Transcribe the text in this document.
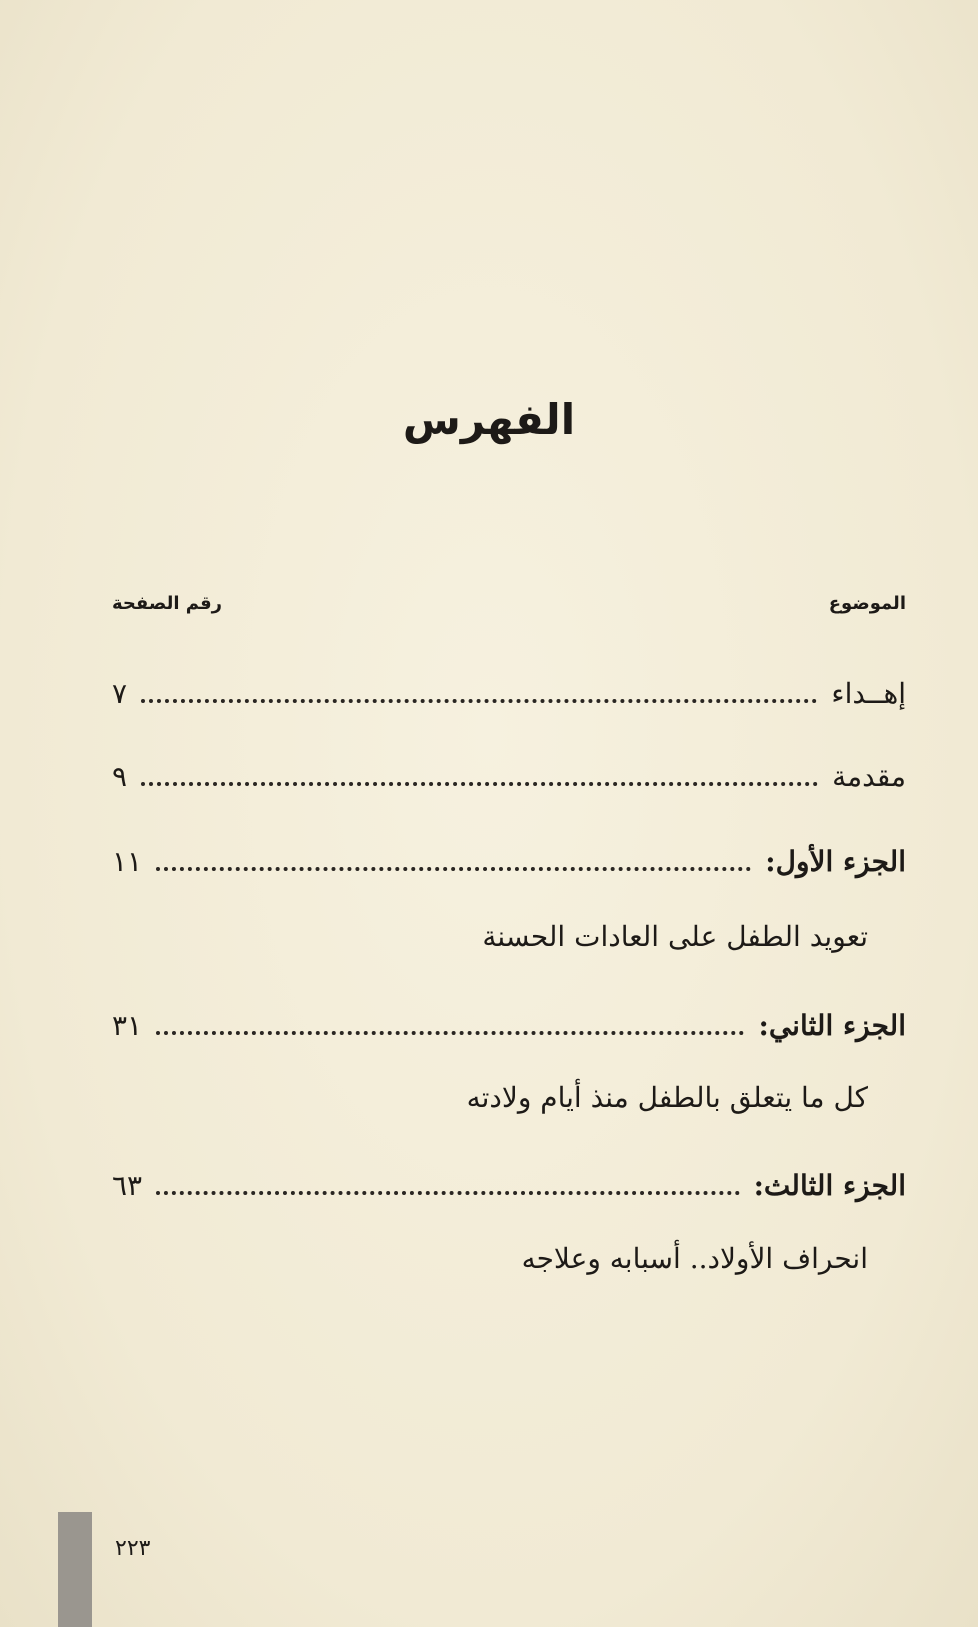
الفهرس
الموضوع
رقم الصفحة
إهــداء
٧
مقدمة
٩
الجزء الأول:
١١
تعويد الطفل على العادات الحسنة
الجزء الثاني:
٣١
كل ما يتعلق بالطفل منذ أيام ولادته
الجزء الثالث:
٦٣
انحراف الأولاد.. أسبابه وعلاجه
٢٢٣
